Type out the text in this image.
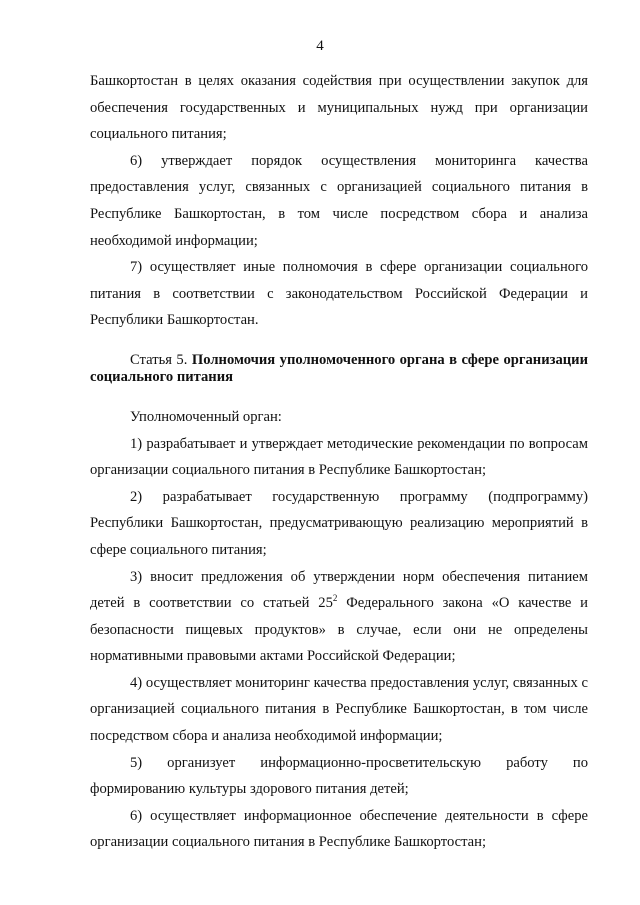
4

Башкортостан в целях оказания содействия при осуществлении закупок для обеспечения государственных и муниципальных нужд при организации социального питания;

6) утверждает порядок осуществления мониторинга качества предоставления услуг, связанных с организацией социального питания в Республике Башкортостан, в том числе посредством сбора и анализа необходимой информации;

7) осуществляет иные полномочия в сфере организации социального питания в соответствии с законодательством Российской Федерации и Республики Башкортостан.

Статья 5. Полномочия уполномоченного органа в сфере организации социального питания

Уполномоченный орган:

1) разрабатывает и утверждает методические рекомендации по вопросам организации социального питания в Республике Башкортостан;

2) разрабатывает государственную программу (подпрограмму) Республики Башкортостан, предусматривающую реализацию мероприятий в сфере социального питания;

3) вносит предложения об утверждении норм обеспечения питанием детей в соответствии со статьей $25^2$ Федерального закона «О качестве и безопасности пищевых продуктов» в случае, если они не определены нормативными правовыми актами Российской Федерации;

4) осуществляет мониторинг качества предоставления услуг, связанных с организацией социального питания в Республике Башкортостан, в том числе посредством сбора и анализа необходимой информации;

5) организует информационно-просветительскую работу по формированию культуры здорового питания детей;

6) осуществляет информационное обеспечение деятельности в сфере организации социального питания в Республике Башкортостан;
